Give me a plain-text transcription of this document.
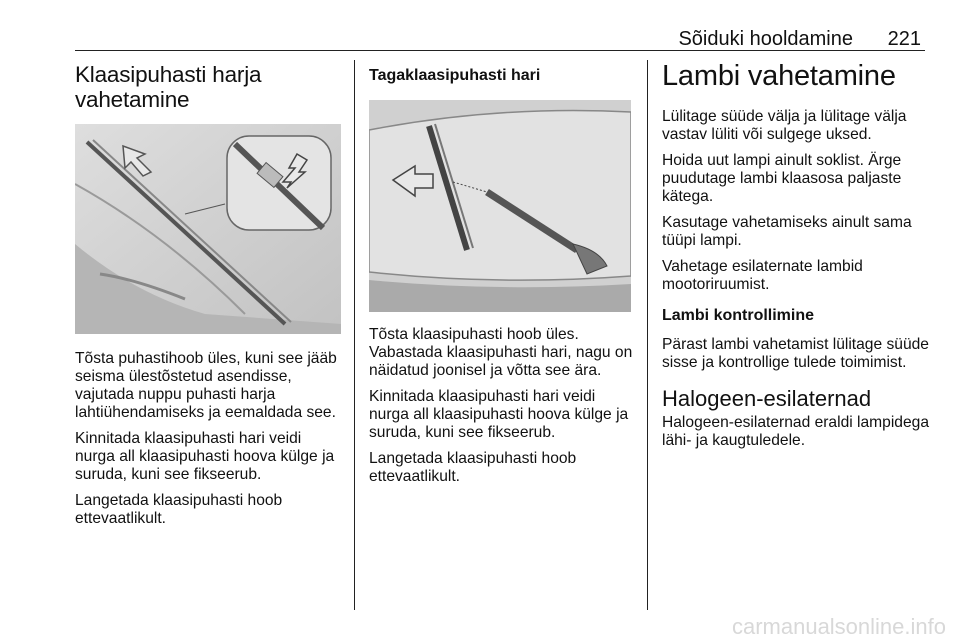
Sõiduki hooldamine 221
Klaasipuhasti harja vahetamine

Tõsta puhastihoob üles, kuni see jääb seisma ülestõstetud asendisse, vajutada nuppu puhasti harja lahtiühendamiseks ja eemaldada see.

Kinnitada klaasipuhasti hari veidi nurga all klaasipuhasti hoova külge ja suruda, kuni see fikseerub.

Langetada klaasipuhasti hoob ettevaatlikult.

Tagaklaasipuhasti hari

Tõsta klaasipuhasti hoob üles. Vabastada klaasipuhasti hari, nagu on näidatud joonisel ja võtta see ära.

Kinnitada klaasipuhasti hari veidi nurga all klaasipuhasti hoova külge ja suruda, kuni see fikseerub.

Langetada klaasipuhasti hoob ettevaatlikult.

Lambi vahetamine

Lülitage süüde välja ja lülitage välja vastav lüliti või sulgege uksed.

Hoida uut lampi ainult soklist. Ärge puudutage lambi klaasosa paljaste kätega.

Kasutage vahetamiseks ainult sama tüüpi lampi.

Vahetage esilaternate lambid mootoriruumist.

Lambi kontrollimine

Pärast lambi vahetamist lülitage süüde sisse ja kontrollige tulede toimimist.

Halogeen-esilaternad

Halogeen-esilaternad eraldi lampidega lähi- ja kaugtuledele.

carmanualsonline.info
